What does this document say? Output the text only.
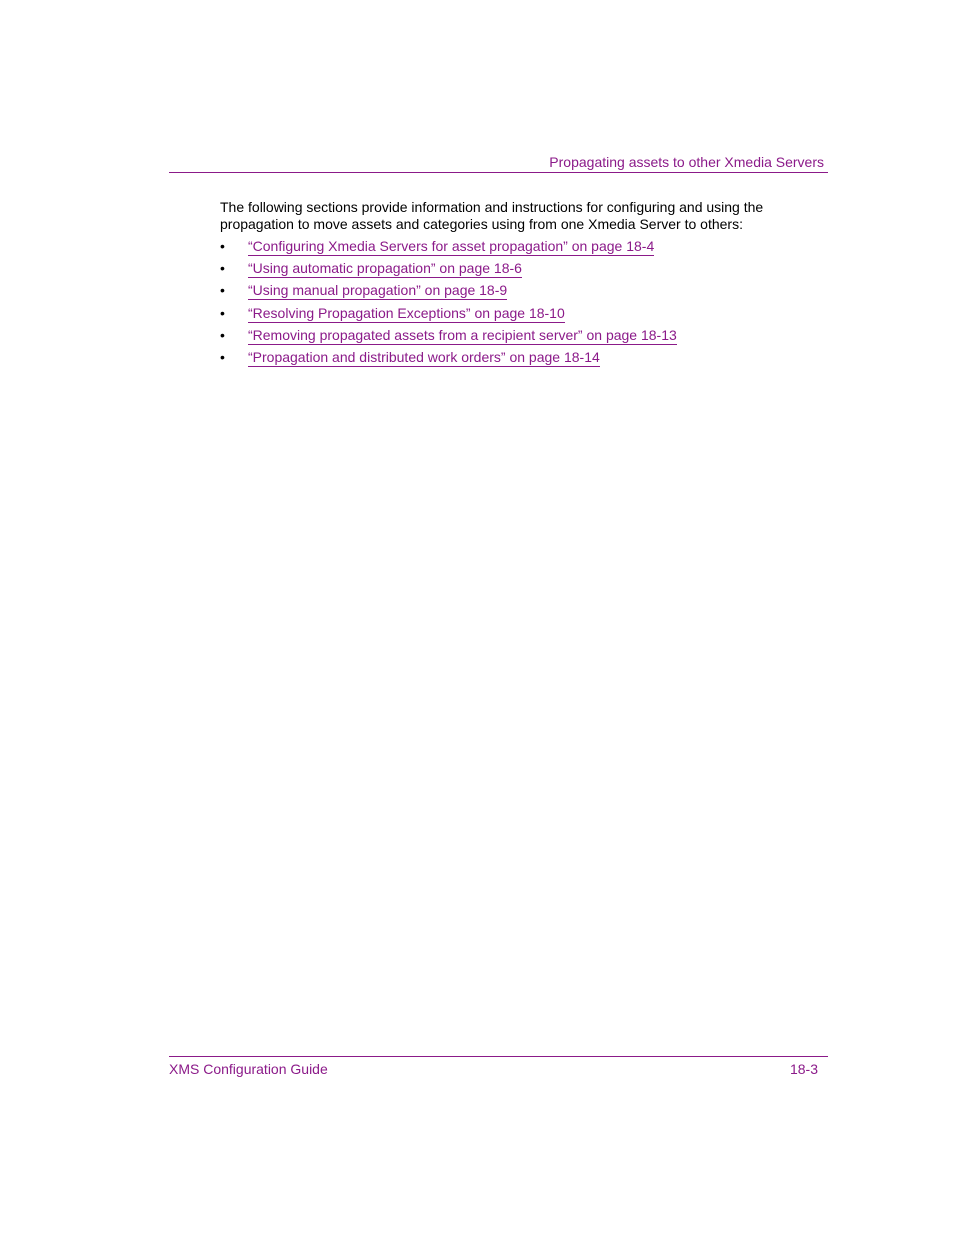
Propagating assets to other Xmedia Servers

The following sections provide information and instructions for configuring and using the propagation to move assets and categories using from one Xmedia Server to others:

• “Configuring Xmedia Servers for asset propagation” on page 18-4
• “Using automatic propagation” on page 18-6
• “Using manual propagation” on page 18-9
• “Resolving Propagation Exceptions” on page 18-10
• “Removing propagated assets from a recipient server” on page 18-13
• “Propagation and distributed work orders” on page 18-14
XMS Configuration Guide	18-3
